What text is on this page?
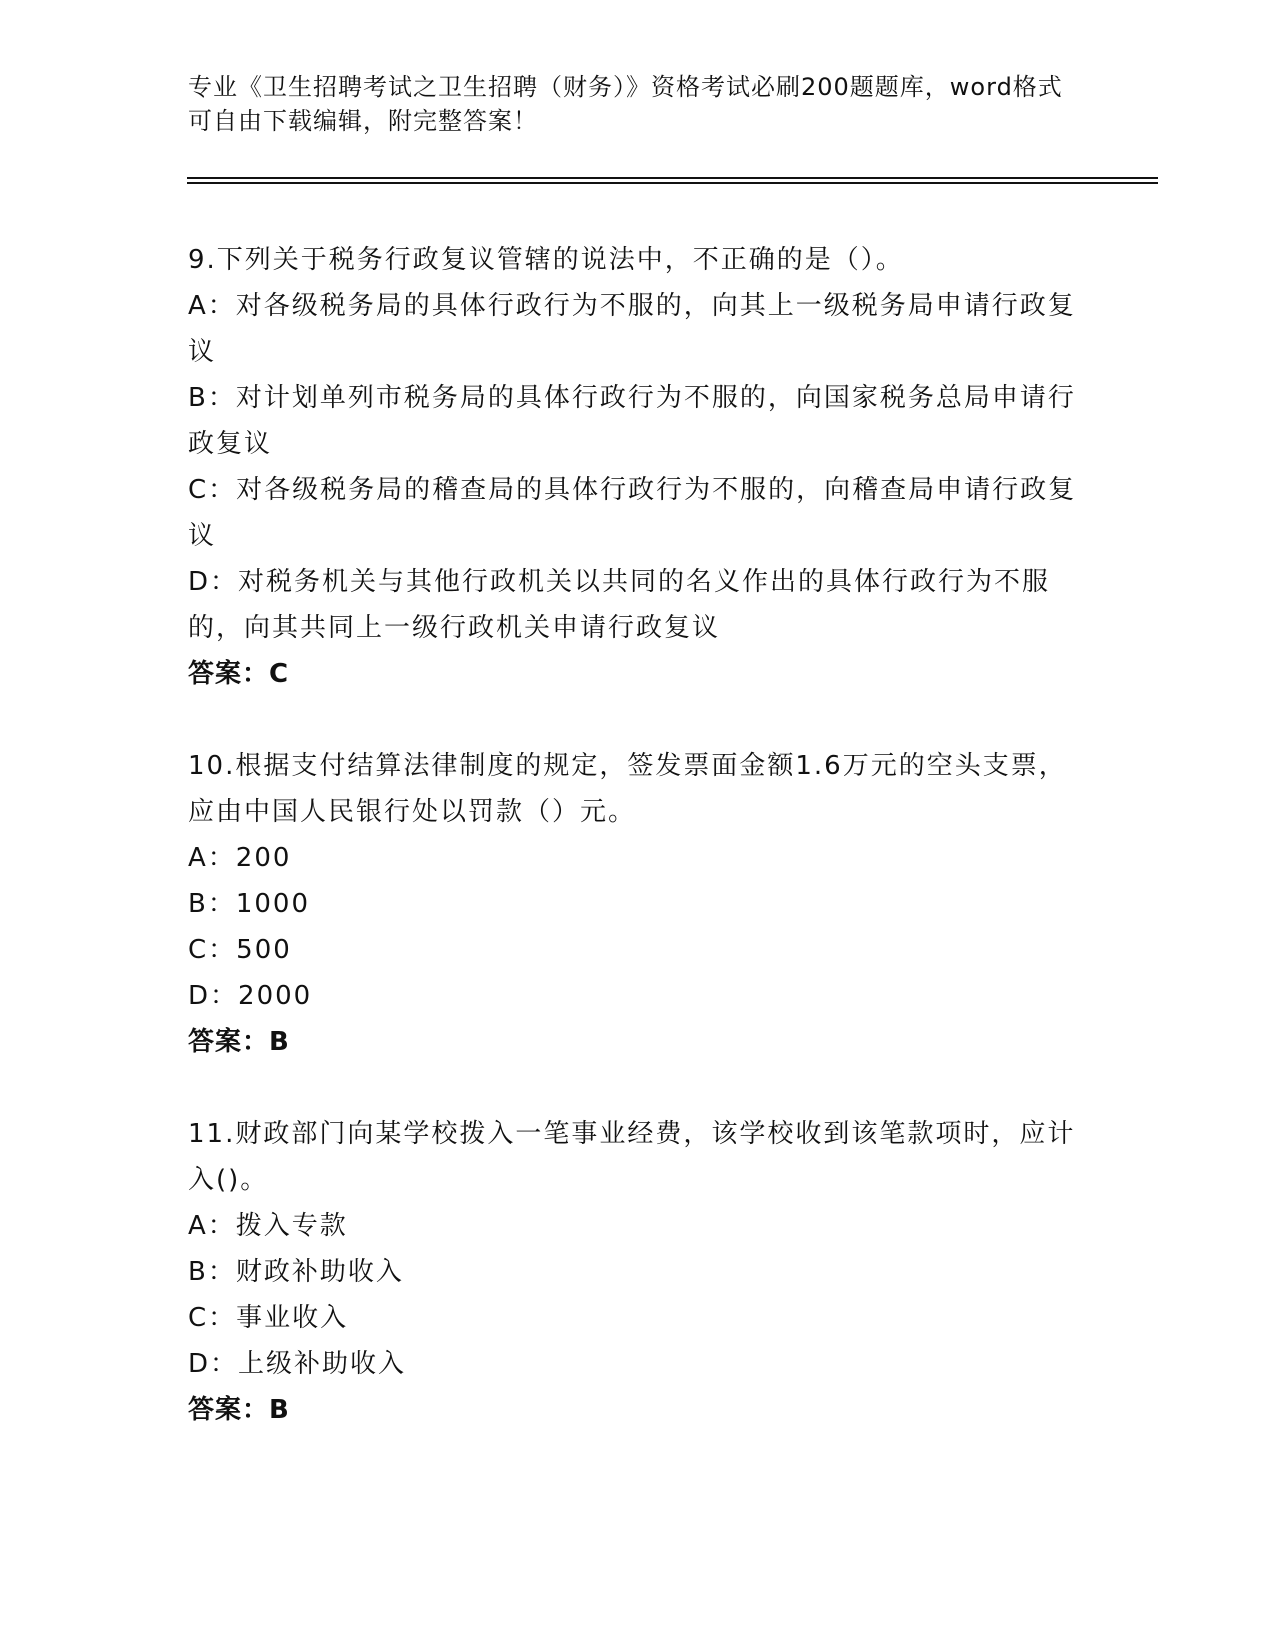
专业《卫生招聘考试之卫生招聘（财务）》资格考试必刷200题题库，word格式
可自由下载编辑，附完整答案！

9.下列关于税务行政复议管辖的说法中，不正确的是（）。

A：对各级税务局的具体行政行为不服的，向其上一级税务局申请行政复议

B：对计划单列市税务局的具体行政行为不服的，向国家税务总局申请行政复议

C：对各级税务局的稽查局的具体行政行为不服的，向稽查局申请行政复议

D：对税务机关与其他行政机关以共同的名义作出的具体行政行为不服的，向其共同上一级行政机关申请行政复议

答案：C

10.根据支付结算法律制度的规定，签发票面金额1.6万元的空头支票，应由中国人民银行处以罚款（）元。

A：200

B：1000

C：500

D：2000

答案：B

11.财政部门向某学校拨入一笔事业经费，该学校收到该笔款项时，应计入()。

A：拨入专款

B：财政补助收入

C：事业收入

D：上级补助收入

答案：B
